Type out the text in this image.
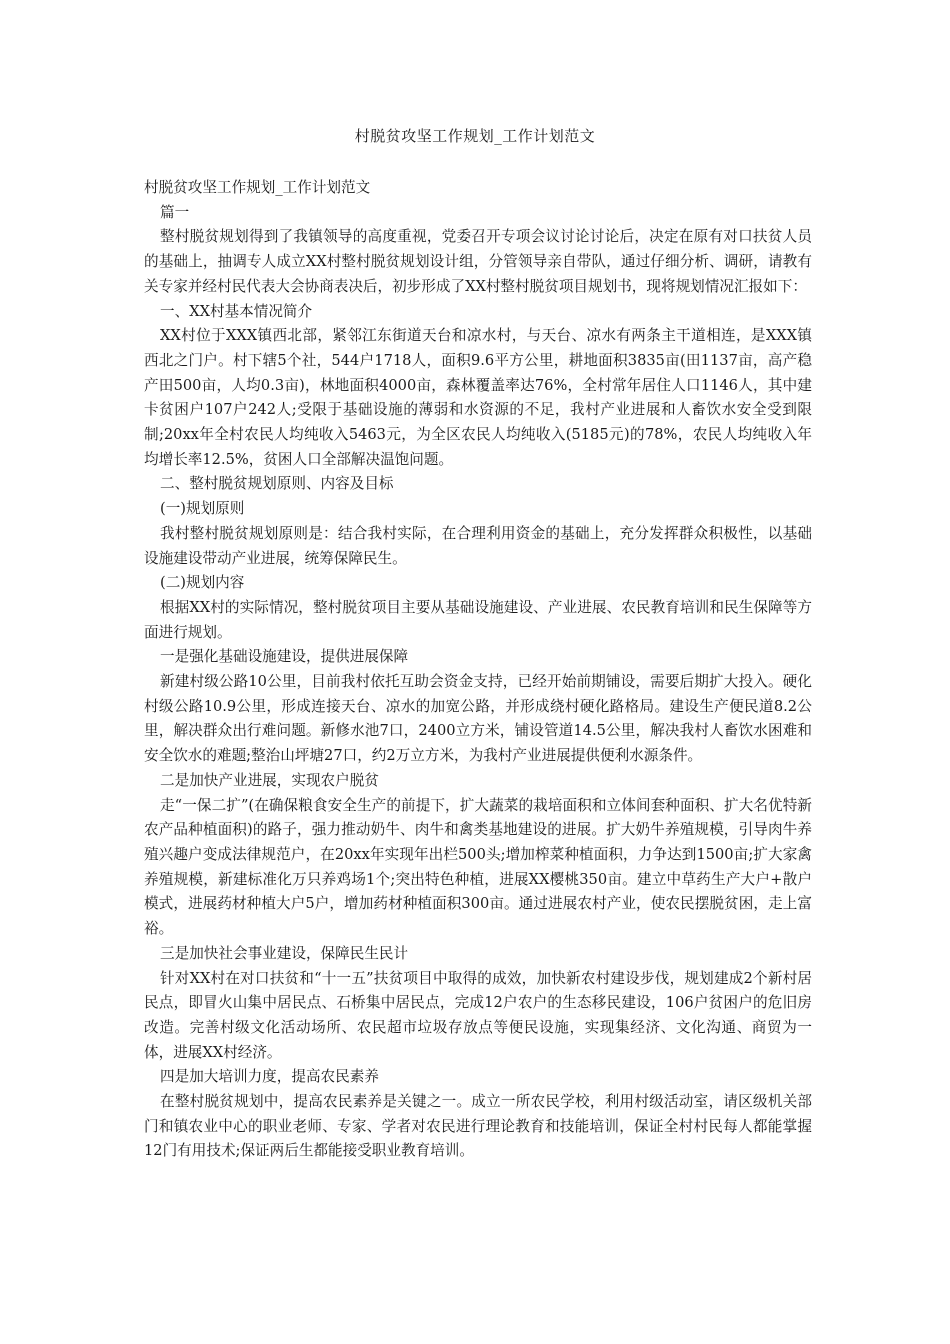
村脱贫攻坚工作规划_工作计划范文

村脱贫攻坚工作规划_工作计划范文

篇一

整村脱贫规划得到了我镇领导的高度重视，党委召开专项会议讨论讨论后，决定在原有对口扶贫人员的基础上，抽调专人成立XX村整村脱贫规划设计组，分管领导亲自带队，通过仔细分析、调研，请教有关专家并经村民代表大会协商表决后，初步形成了XX村整村脱贫项目规划书，现将规划情况汇报如下：

一、XX村基本情况简介

XX村位于XXX镇西北部，紧邻江东街道天台和凉水村，与天台、凉水有两条主干道相连，是XXX镇西北之门户。村下辖5个社，544户1718人，面积9.6平方公里，耕地面积3835亩(田1137亩，高产稳产田500亩，人均0.3亩)，林地面积4000亩，森林覆盖率达76%，全村常年居住人口1146人，其中建卡贫困户107户242人;受限于基础设施的薄弱和水资源的不足，我村产业进展和人畜饮水安全受到限制;20xx年全村农民人均纯收入5463元，为全区农民人均纯收入(5185元)的78%，农民人均纯收入年均增长率12.5%，贫困人口全部解决温饱问题。

二、整村脱贫规划原则、内容及目标

(一)规划原则

我村整村脱贫规划原则是：结合我村实际，在合理利用资金的基础上，充分发挥群众积极性，以基础设施建设带动产业进展，统筹保障民生。

(二)规划内容

根据XX村的实际情况，整村脱贫项目主要从基础设施建设、产业进展、农民教育培训和民生保障等方面进行规划。

一是强化基础设施建设，提供进展保障

新建村级公路10公里，目前我村依托互助会资金支持，已经开始前期铺设，需要后期扩大投入。硬化村级公路10.9公里，形成连接天台、凉水的加宽公路，并形成绕村硬化路格局。建设生产便民道8.2公里，解决群众出行难问题。新修水池7口，2400立方米，铺设管道14.5公里，解决我村人畜饮水困难和安全饮水的难题;整治山坪塘27口，约2万立方米，为我村产业进展提供便利水源条件。

二是加快产业进展，实现农户脱贫

走“一保二扩”(在确保粮食安全生产的前提下，扩大蔬菜的栽培面积和立体间套种面积、扩大名优特新农产品种植面积)的路子，强力推动奶牛、肉牛和禽类基地建设的进展。扩大奶牛养殖规模，引导肉牛养殖兴趣户变成法律规范户，在20xx年实现年出栏500头;增加榨菜种植面积，力争达到1500亩;扩大家禽养殖规模，新建标准化万只养鸡场1个;突出特色种植，进展XX樱桃350亩。建立中草药生产大户+散户模式，进展药材种植大户5户，增加药材种植面积300亩。通过进展农村产业，使农民摆脱贫困，走上富裕。

三是加快社会事业建设，保障民生民计

针对XX村在对口扶贫和“十一五”扶贫项目中取得的成效，加快新农村建设步伐，规划建成2个新村居民点，即冒火山集中居民点、石桥集中居民点，完成12户农户的生态移民建设，106户贫困户的危旧房改造。完善村级文化活动场所、农民超市垃圾存放点等便民设施，实现集经济、文化沟通、商贸为一体，进展XX村经济。

四是加大培训力度，提高农民素养

在整村脱贫规划中，提高农民素养是关键之一。成立一所农民学校，利用村级活动室，请区级机关部门和镇农业中心的职业老师、专家、学者对农民进行理论教育和技能培训，保证全村村民每人都能掌握12门有用技术;保证两后生都能接受职业教育培训。
